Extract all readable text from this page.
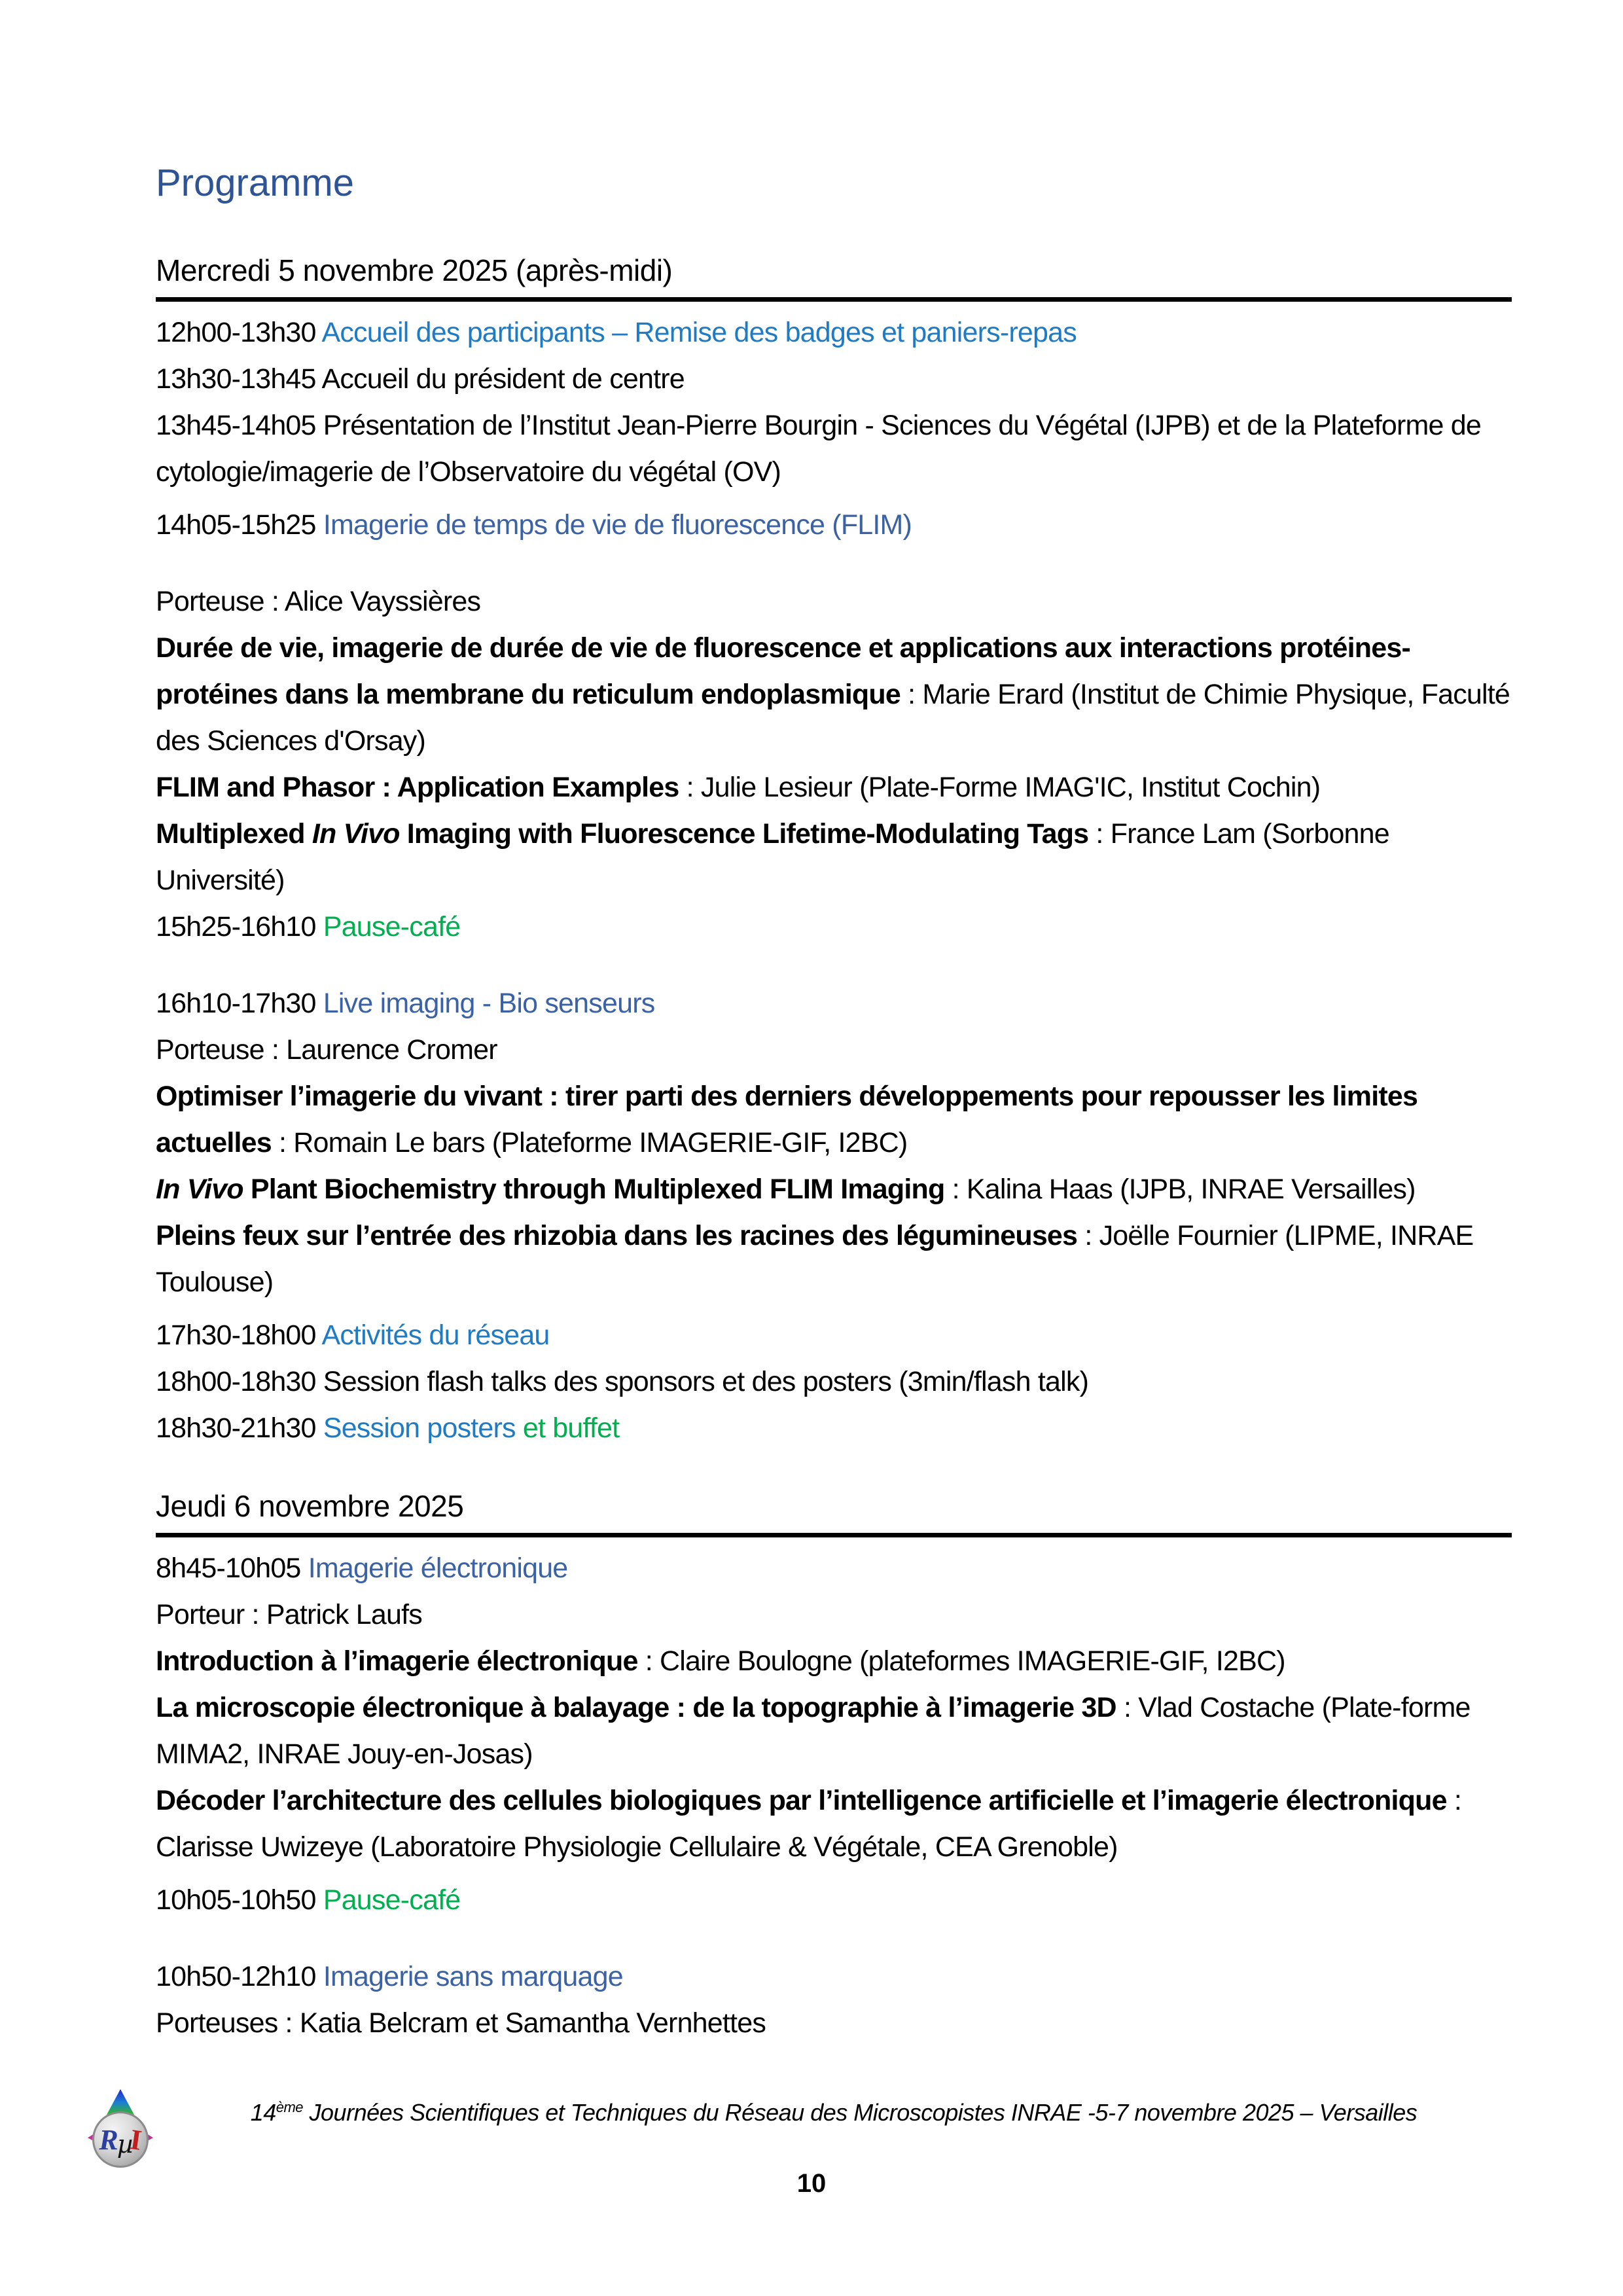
Programme
Mercredi 5 novembre 2025 (après-midi)

12h00-13h30 Accueil des participants – Remise des badges et paniers-repas

13h30-13h45 Accueil du président de centre

13h45-14h05 Présentation de l’Institut Jean-Pierre Bourgin - Sciences du Végétal (IJPB) et de la Plateforme de cytologie/imagerie de l’Observatoire du végétal (OV)

14h05-15h25 Imagerie de temps de vie de fluorescence (FLIM)

Porteuse : Alice Vayssières

Durée de vie, imagerie de durée de vie de fluorescence et applications aux interactions protéines-protéines dans la membrane du reticulum endoplasmique : Marie Erard (Institut de Chimie Physique, Faculté des Sciences d'Orsay)

FLIM and Phasor : Application Examples : Julie Lesieur (Plate-Forme IMAG'IC, Institut Cochin)

Multiplexed In Vivo Imaging with Fluorescence Lifetime-Modulating Tags : France Lam (Sorbonne Université)

15h25-16h10 Pause-café

16h10-17h30 Live imaging - Bio senseurs

Porteuse : Laurence Cromer

Optimiser l’imagerie du vivant : tirer parti des derniers développements pour repousser les limites actuelles : Romain Le bars (Plateforme IMAGERIE-GIF, I2BC)

In Vivo Plant Biochemistry through Multiplexed FLIM Imaging : Kalina Haas (IJPB, INRAE Versailles)

Pleins feux sur l’entrée des rhizobia dans les racines des légumineuses : Joëlle Fournier (LIPME, INRAE Toulouse)

17h30-18h00 Activités du réseau

18h00-18h30 Session flash talks des sponsors et des posters (3min/flash talk)

18h30-21h30 Session posters et buffet

Jeudi 6 novembre 2025

8h45-10h05 Imagerie électronique

Porteur : Patrick Laufs

Introduction à l’imagerie électronique : Claire Boulogne (plateformes IMAGERIE-GIF, I2BC)

La microscopie électronique à balayage : de la topographie à l’imagerie 3D : Vlad Costache (Plate-forme MIMA2, INRAE Jouy-en-Josas)

Décoder l’architecture des cellules biologiques par l’intelligence artificielle et l’imagerie électronique : Clarisse Uwizeye (Laboratoire Physiologie Cellulaire & Végétale, CEA Grenoble)

10h05-10h50 Pause-café

10h50-12h10 Imagerie sans marquage

Porteuses : Katia Belcram et Samantha Vernhettes

R
µ
I
14ème Journées Scientifiques et Techniques du Réseau des Microscopistes INRAE -5-7 novembre 2025 – Versailles
10
